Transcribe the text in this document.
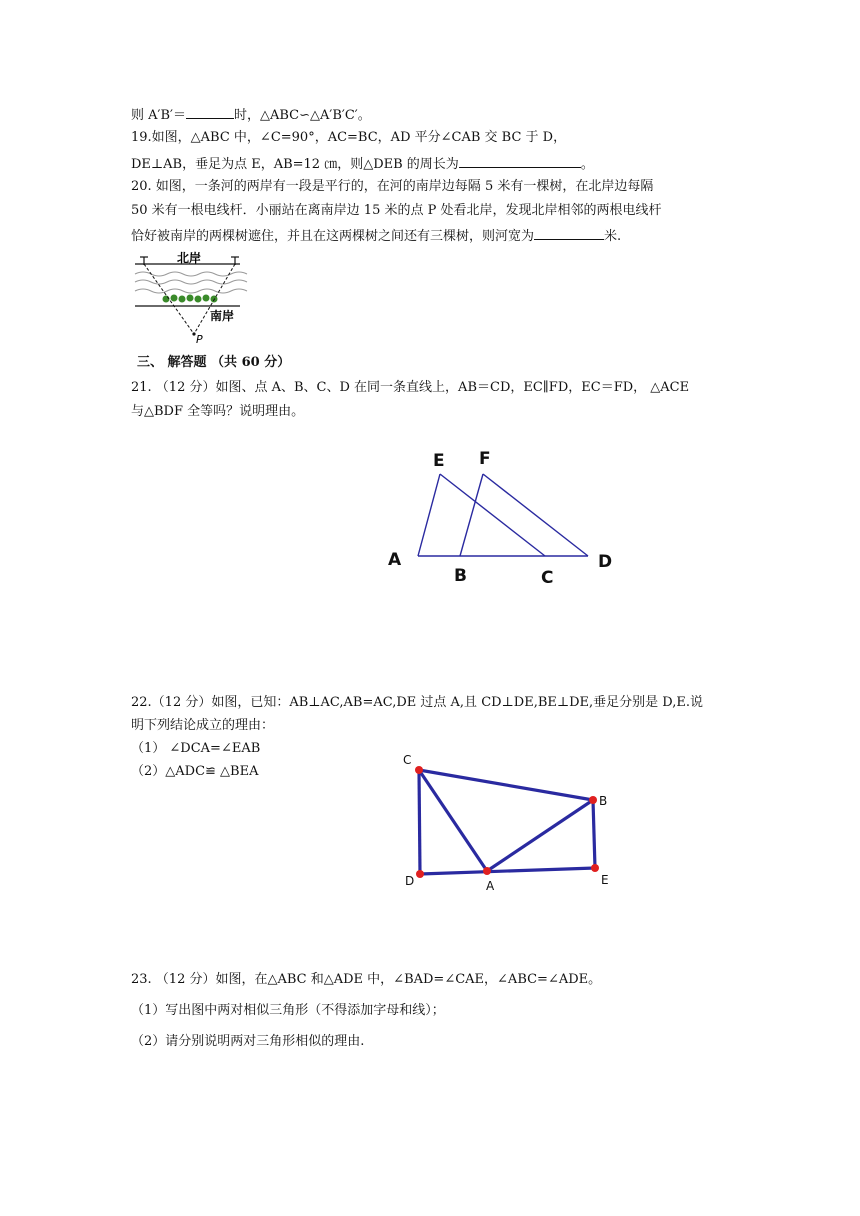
则 A′B′＝	时，△ABC∽△A′B′C′。
19.如图，△ABC 中，∠C=90°，AC=BC，AD 平分∠CAB 交 BC 于 D，
DE⊥AB，垂足为点 E，AB=12 ㎝，则△DEB 的周长为	。
20. 如图，一条河的两岸有一段是平行的，在河的南岸边每隔 5 米有一棵树，在北岸边每隔
50 米有一根电线杆．小丽站在离南岸边 15 米的点 P 处看北岸，发现北岸相邻的两根电线杆
恰好被南岸的两棵树遮住，并且在这两棵树之间还有三棵树，则河宽为	米.
北岸
P
南岸
三、 解答题 （共 60 分）
21. （12 分）如图、点 A、B、C、D 在同一条直线上，AB＝CD，EC∥FD，EC＝FD， △ACE
与△BDF 全等吗？说明理由。
E F
A
B	C
D
22.（12 分）如图，已知：AB⊥AC,AB=AC,DE 过点 A,且 CD⊥DE,BE⊥DE,垂足分别是 D,E.说
明下列结论成立的理由：
（1） ∠DCA=∠EAB
（2）△ADC≌ △BEA
C
B
E
D	A
23. （12 分）如图，在△ABC 和△ADE 中，∠BAD=∠CAE，∠ABC=∠ADE。
（1）写出图中两对相似三角形（不得添加字母和线）；
（2）请分别说明两对三角形相似的理由.
